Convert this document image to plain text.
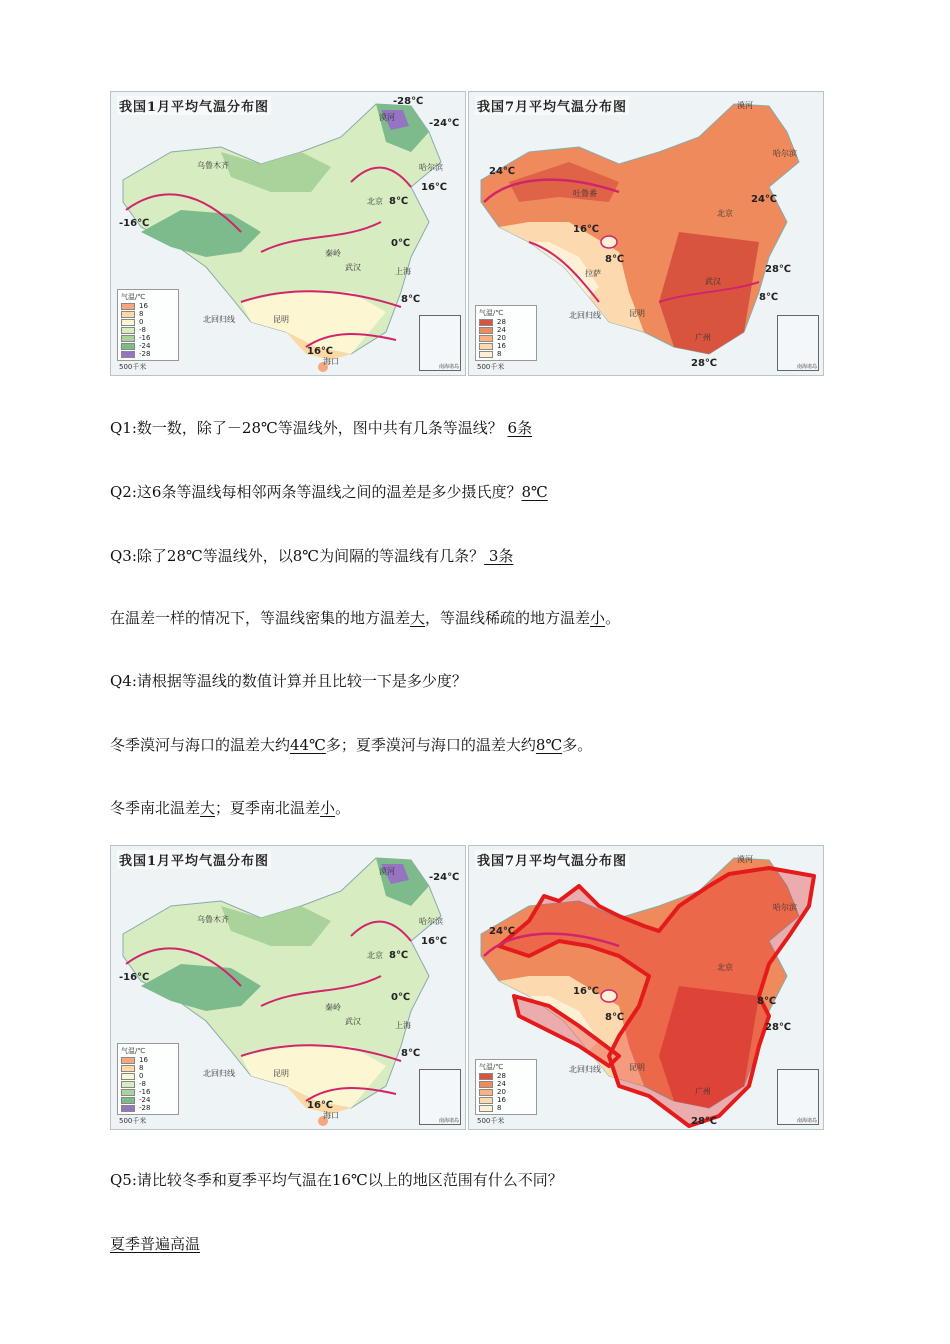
我国1月平均气温分布图	-28℃
-24℃
16℃
8℃
-16℃
0℃
8℃
16℃
漠河
哈尔滨
乌鲁木齐
北京
秦岭
武汉	上海
昆明
北回归线
海口
气温/℃
16
8
0
-8
-16
-24
-28
500千米	南海诸岛
我国7月平均气温分布图
24℃
24℃
16℃
8℃
28℃
8℃
28℃
漠河
哈尔滨
吐鲁番
北京
拉萨
武汉
昆明
广州
北回归线
气温/℃
28
24
20
16
8
500千米	南海诸岛
Q1:数一数，除了－28℃等温线外，图中共有几条等温线？ 6条
Q2:这6条等温线每相邻两条等温线之间的温差是多少摄氏度？8℃
Q3:除了28℃等温线外，以8℃为间隔的等温线有几条？ 3条
在温差一样的情况下，等温线密集的地方温差大，等温线稀疏的地方温差小。
Q4:请根据等温线的数值计算并且比较一下是多少度？
冬季漠河与海口的温差大约44℃多；夏季漠河与海口的温差大约8℃多。
冬季南北温差大；夏季南北温差小。
我国1月平均气温分布图
-24℃
16℃
8℃
-16℃
0℃
8℃
16℃
漠河
哈尔滨
乌鲁木齐
北京
秦岭
武汉	上海
昆明
北回归线
海口
气温/℃
16
8
0
-8
-16
-24
-28
500千米	南海诸岛
我国7月平均气温分布图
24℃
16℃
8℃
28℃
8℃
28℃
漠河
哈尔滨
北京
昆明
广州
北回归线
气温/℃
28
24
20
16
8
500千米	南海诸岛
Q5:请比较冬季和夏季平均气温在16℃以上的地区范围有什么不同？
夏季普遍高温
